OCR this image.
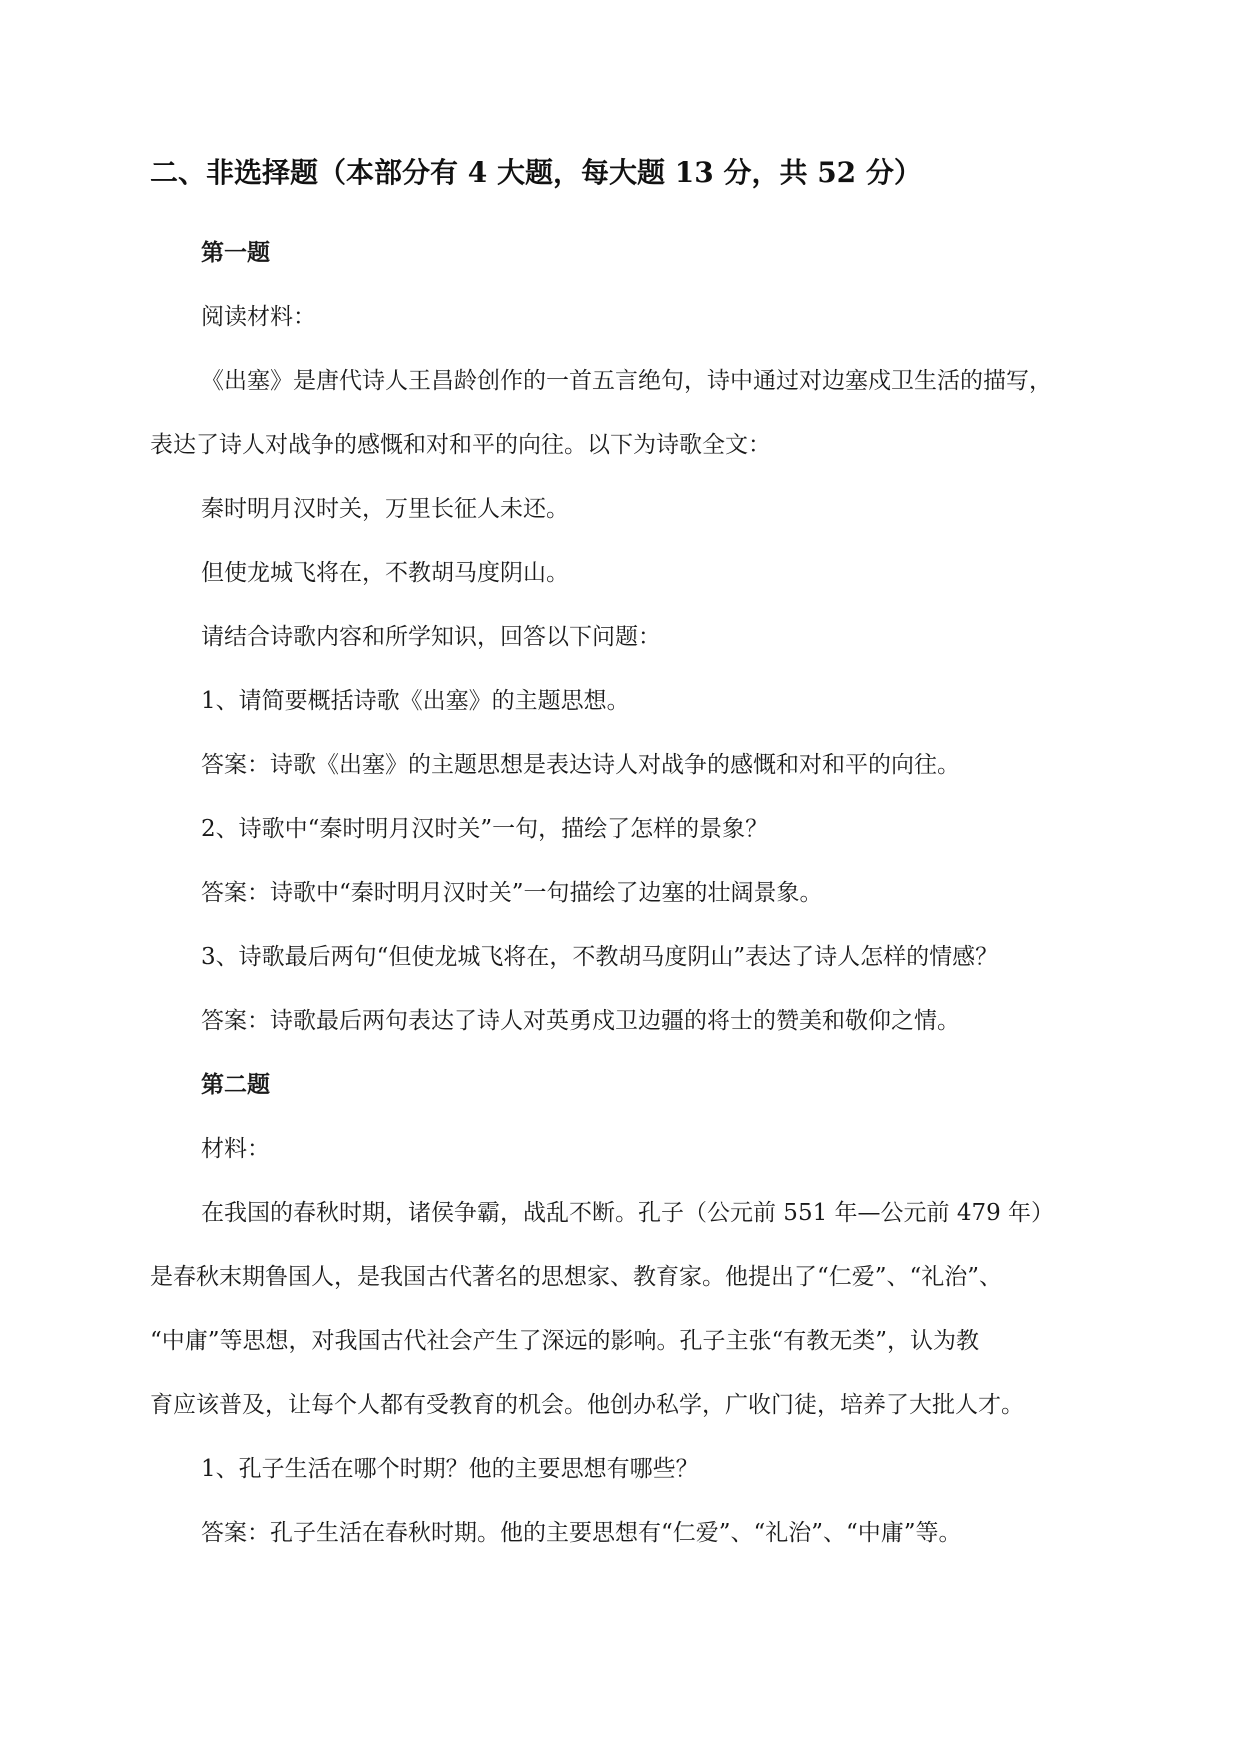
二、非选择题（本部分有 4 大题，每大题 13 分，共 52 分）
第一题
阅读材料：
《出塞》是唐代诗人王昌龄创作的一首五言绝句，诗中通过对边塞戍卫生活的描写，
表达了诗人对战争的感慨和对和平的向往。以下为诗歌全文：
秦时明月汉时关，万里长征人未还。
但使龙城飞将在，不教胡马度阴山。
请结合诗歌内容和所学知识，回答以下问题：
1、请简要概括诗歌《出塞》的主题思想。
答案：诗歌《出塞》的主题思想是表达诗人对战争的感慨和对和平的向往。
2、诗歌中“秦时明月汉时关”一句，描绘了怎样的景象？
答案：诗歌中“秦时明月汉时关”一句描绘了边塞的壮阔景象。
3、诗歌最后两句“但使龙城飞将在，不教胡马度阴山”表达了诗人怎样的情感？
答案：诗歌最后两句表达了诗人对英勇戍卫边疆的将士的赞美和敬仰之情。
第二题
材料：
在我国的春秋时期，诸侯争霸，战乱不断。孔子（公元前 551 年—公元前 479 年）
是春秋末期鲁国人，是我国古代著名的思想家、教育家。他提出了“仁爱”、“礼治”、
“中庸”等思想，对我国古代社会产生了深远的影响。孔子主张“有教无类”，认为教
育应该普及，让每个人都有受教育的机会。他创办私学，广收门徒，培养了大批人才。
1、孔子生活在哪个时期？他的主要思想有哪些？
答案：孔子生活在春秋时期。他的主要思想有“仁爱”、“礼治”、“中庸”等。
